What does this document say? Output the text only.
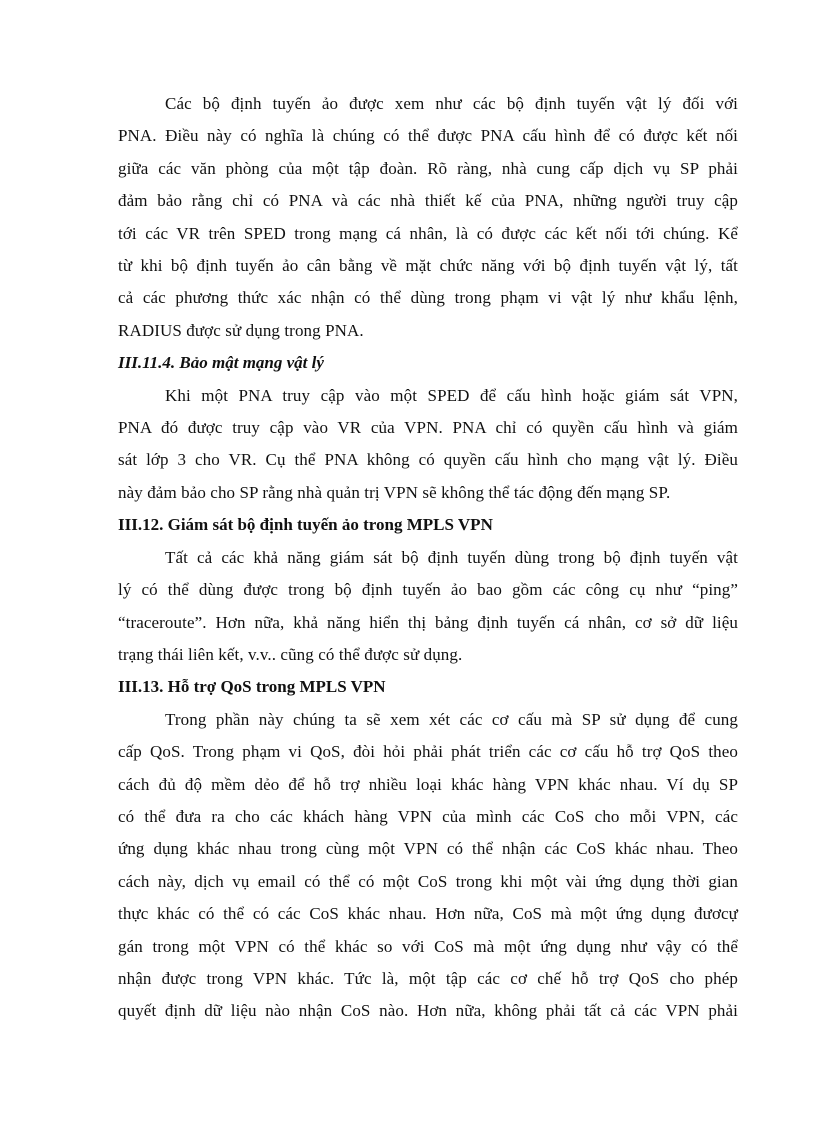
Các bộ định tuyến ảo được xem như các bộ định tuyến vật lý đối với
PNA. Điều này có nghĩa là chúng có thể được PNA cấu hình để có được kết nối
giữa các văn phòng của một tập đoàn. Rõ ràng, nhà cung cấp dịch vụ SP phải
đảm bảo rằng chỉ có PNA và các nhà thiết kế của PNA, những người truy cập
tới các VR trên SPED trong mạng cá nhân, là có được các kết nối tới chúng. Kể
từ khi bộ định tuyến ảo cân bằng về mặt chức năng với bộ định tuyến vật lý, tất
cả các phương thức xác nhận có thể dùng trong phạm vi vật lý như khẩu lệnh,
RADIUS được sử dụng trong PNA.

III.11.4. Bảo mật mạng vật lý

Khi một PNA truy cập vào một SPED để cấu hình hoặc giám sát VPN,
PNA đó được truy cập vào VR của VPN. PNA chỉ có quyền cấu hình và giám
sát lớp 3 cho VR. Cụ thể PNA không có quyền cấu hình cho mạng vật lý. Điều
này đảm bảo cho SP rằng nhà quản trị VPN sẽ không thể tác động đến mạng SP.

III.12. Giám sát bộ định tuyến ảo trong MPLS VPN

Tất cả các khả năng giám sát bộ định tuyến dùng trong bộ định tuyến vật
lý có thể dùng được trong bộ định tuyến ảo bao gồm các công cụ như “ping”
“traceroute”. Hơn nữa, khả năng hiển thị bảng định tuyến cá nhân, cơ sở dữ liệu
trạng thái liên kết, v.v.. cũng có thể được sử dụng.

III.13. Hỗ trợ QoS trong MPLS VPN

Trong phần này chúng ta sẽ xem xét các cơ cấu mà SP sử dụng để cung
cấp QoS. Trong phạm vi QoS, đòi hỏi phải phát triển các cơ cấu hỗ trợ QoS theo
cách đủ độ mềm dẻo để hỗ trợ nhiều loại khác hàng VPN khác nhau. Ví dụ SP
có thể đưa ra cho các khách hàng VPN của mình các CoS cho mỗi VPN, các
ứng dụng khác nhau trong cùng một VPN có thể nhận các CoS khác nhau. Theo
cách này, dịch vụ email có thể có một CoS trong khi một vài ứng dụng thời gian
thực khác có thể có các CoS khác nhau. Hơn nữa, CoS mà một ứng dụng đươcự
gán trong một VPN có thể khác so với CoS mà một ứng dụng như vậy có thể
nhận được trong VPN khác. Tức là, một tập các cơ chế hỗ trợ QoS cho phép
quyết định dữ liệu nào nhận CoS nào. Hơn nữa, không phải tất cả các VPN phải
